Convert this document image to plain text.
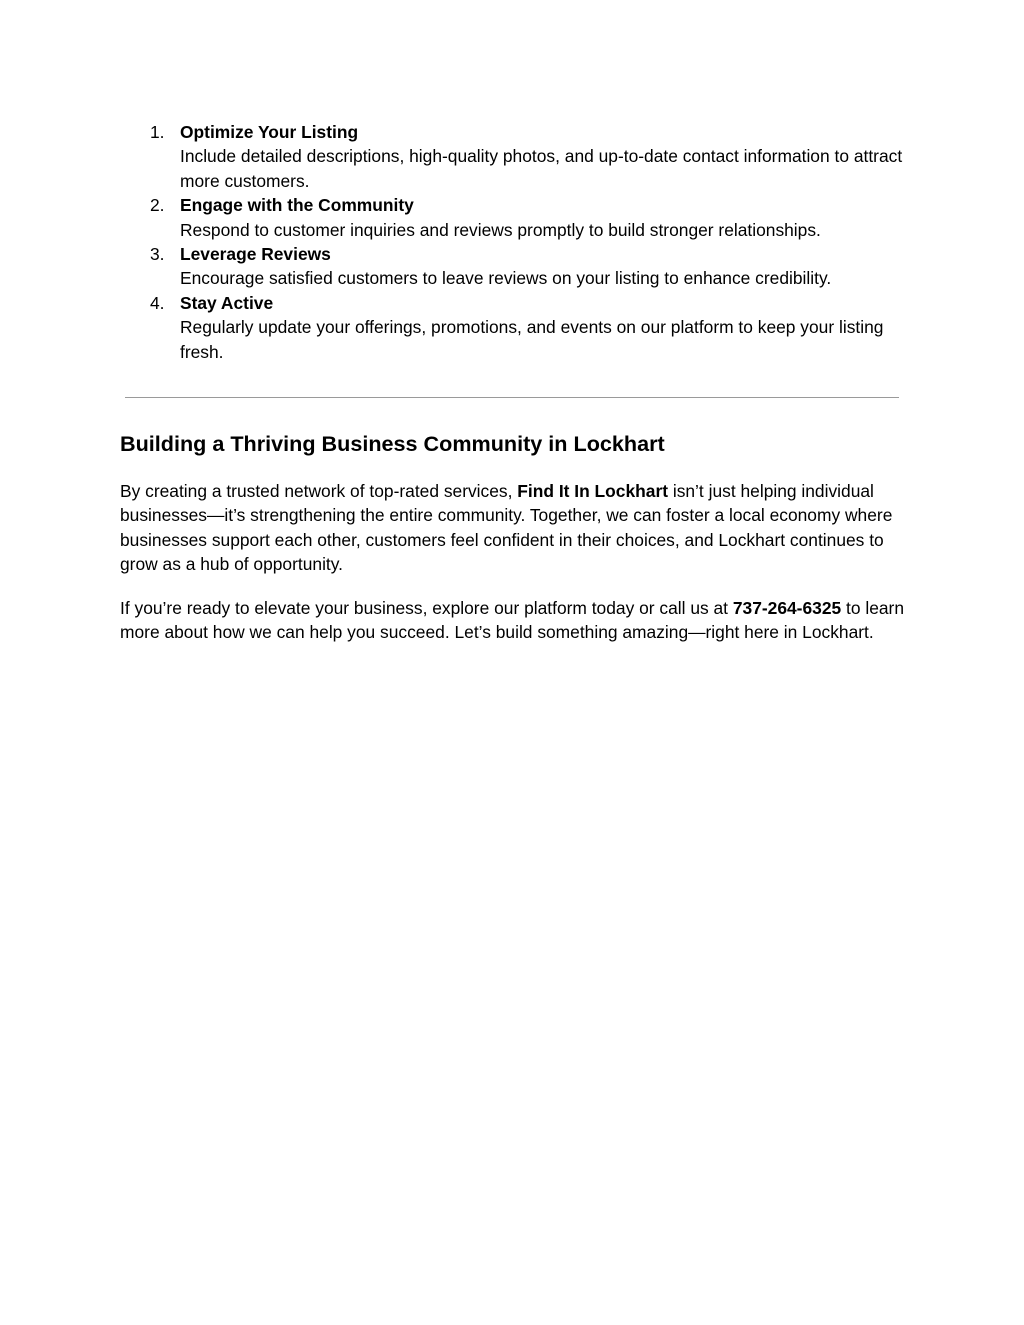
1. Optimize Your Listing
Include detailed descriptions, high-quality photos, and up-to-date contact information to attract more customers.
2. Engage with the Community
Respond to customer inquiries and reviews promptly to build stronger relationships.
3. Leverage Reviews
Encourage satisfied customers to leave reviews on your listing to enhance credibility.
4. Stay Active
Regularly update your offerings, promotions, and events on our platform to keep your listing fresh.
Building a Thriving Business Community in Lockhart

By creating a trusted network of top-rated services, Find It In Lockhart isn’t just helping individual businesses—it’s strengthening the entire community. Together, we can foster a local economy where businesses support each other, customers feel confident in their choices, and Lockhart continues to grow as a hub of opportunity.

If you’re ready to elevate your business, explore our platform today or call us at 737-264-6325 to learn more about how we can help you succeed. Let’s build something amazing—right here in Lockhart.
